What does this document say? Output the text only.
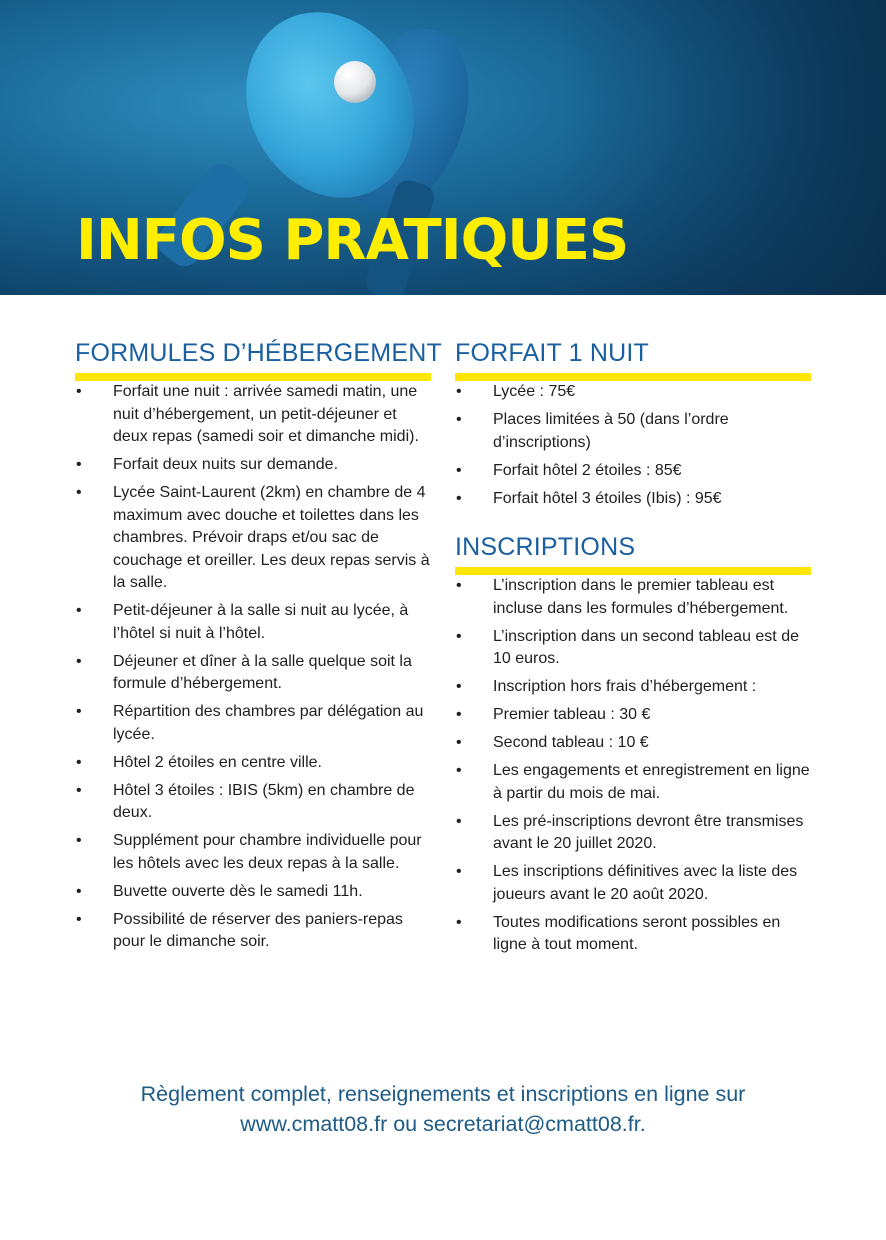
INFOS PRATIQUES
FORMULES D’HÉBERGEMENT
• Forfait une nuit : arrivée samedi matin, une nuit d’hébergement, un petit-déjeuner et deux repas (samedi soir et dimanche midi).
• Forfait deux nuits sur demande.
• Lycée Saint-Laurent (2km) en chambre de 4 maximum avec douche et toilettes dans les chambres. Prévoir draps et/ou sac de couchage et oreiller. Les deux repas servis à la salle.
• Petit-déjeuner à la salle si nuit au lycée, à l’hôtel si nuit à l’hôtel.
• Déjeuner et dîner à la salle quelque soit la formule d’hébergement.
• Répartition des chambres par délégation au lycée.
• Hôtel 2 étoiles en centre ville.
• Hôtel 3 étoiles : IBIS (5km) en chambre de deux.
• Supplément pour chambre individuelle pour les hôtels avec les deux repas à la salle.
• Buvette ouverte dès le samedi 11h.
• Possibilité de réserver des paniers-repas pour le dimanche soir.
FORFAIT 1 NUIT
• Lycée : 75€
• Places limitées à 50 (dans l’ordre d’inscriptions)
• Forfait hôtel 2 étoiles : 85€
• Forfait hôtel 3 étoiles (Ibis) : 95€
INSCRIPTIONS
• L’inscription dans le premier tableau est incluse dans les formules d’hébergement.
• L’inscription dans un second tableau est de 10 euros.
• Inscription hors frais d’hébergement :
• Premier tableau : 30 €
• Second tableau : 10 €
• Les engagements et enregistrement en ligne à partir du mois de mai.
• Les pré-inscriptions devront être transmises avant le 20 juillet 2020.
• Les inscriptions définitives avec la liste des joueurs avant le 20 août 2020.
• Toutes modifications seront possibles en ligne à tout moment.

Règlement complet, renseignements et inscriptions en ligne sur

www.cmatt08.fr ou secretariat@cmatt08.fr.
